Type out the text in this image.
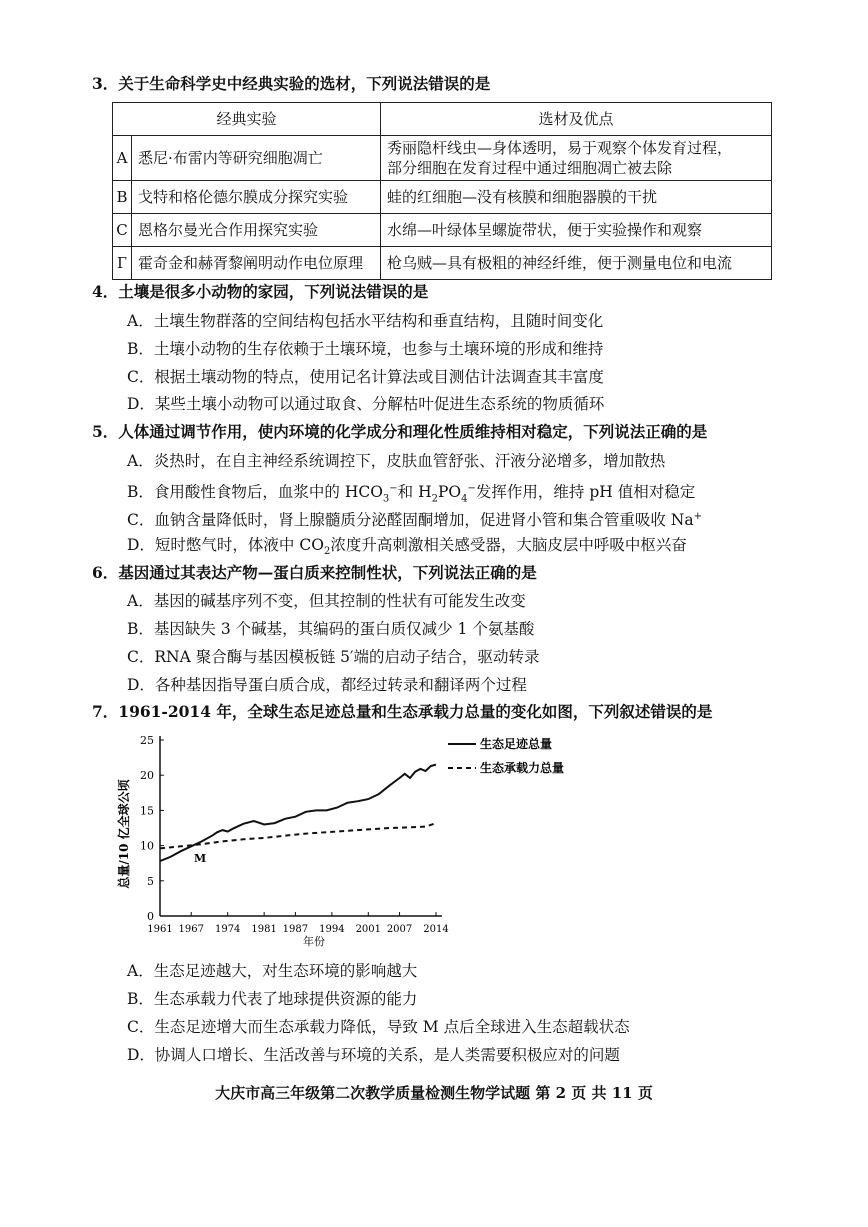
3．关于生命科学史中经典实验的选材，下列说法错误的是
经典实验		选材及优点
A	悉尼·布雷内等研究细胞凋亡	秀丽隐杆线虫—身体透明，易于观察个体发育过程，
部分细胞在发育过程中通过细胞凋亡被去除

B	戈特和格伦德尔膜成分探究实验	蛙的红细胞—没有核膜和细胞器膜的干扰
C	恩格尔曼光合作用探究实验	水绵—叶绿体呈螺旋带状，便于实验操作和观察
Г	霍奇金和赫胥黎阐明动作电位原理	枪乌贼—具有极粗的神经纤维，便于测量电位和电流
4．土壤是很多小动物的家园，下列说法错误的是
A．土壤生物群落的空间结构包括水平结构和垂直结构，且随时间变化
B．土壤小动物的生存依赖于土壤环境，也参与土壤环境的形成和维持
C．根据土壤动物的特点，使用记名计算法或目测估计法调查其丰富度
D．某些土壤小动物可以通过取食、分解枯叶促进生态系统的物质循环
5．人体通过调节作用，使内环境的化学成分和理化性质维持相对稳定，下列说法正确的是
A．炎热时，在自主神经系统调控下，皮肤血管舒张、汗液分泌增多，增加散热
B．食用酸性食物后，血浆中的 $HCO_3^-$和 $H_2PO_4^-$发挥作用，维持 pH 值相对稳定
C．血钠含量降低时，肾上腺髓质分泌醛固酮增加，促进肾小管和集合管重吸收 Na+
D．短时憋气时，体液中 $CO_2$浓度升高刺激相关感受器，大脑皮层中呼吸中枢兴奋
6．基因通过其表达产物—蛋白质来控制性状，下列说法正确的是
A．基因的碱基序列不变，但其控制的性状有可能发生改变
B．基因缺失 3 个碱基，其编码的蛋白质仅减少 1 个氨基酸
C．RNA 聚合酶与基因模板链 5′端的启动子结合，驱动转录
D．各种基因指导蛋白质合成，都经过转录和翻译两个过程
7．1961-2014 年，全球生态足迹总量和生态承载力总量的变化如图，下列叙述错误的是
0
5
10
15
20
25
1961 1967 1974 1981 1987 1994 2001 2007 2014
总量/10 亿全球公顷
年份
M
生态足迹总量
生态承载力总量
A．生态足迹越大，对生态环境的影响越大
B．生态承载力代表了地球提供资源的能力
C．生态足迹增大而生态承载力降低，导致 M 点后全球进入生态超载状态
D．协调人口增长、生活改善与环境的关系，是人类需要积极应对的问题
大庆市高三年级第二次教学质量检测生物学试题 第 2 页 共 11 页
